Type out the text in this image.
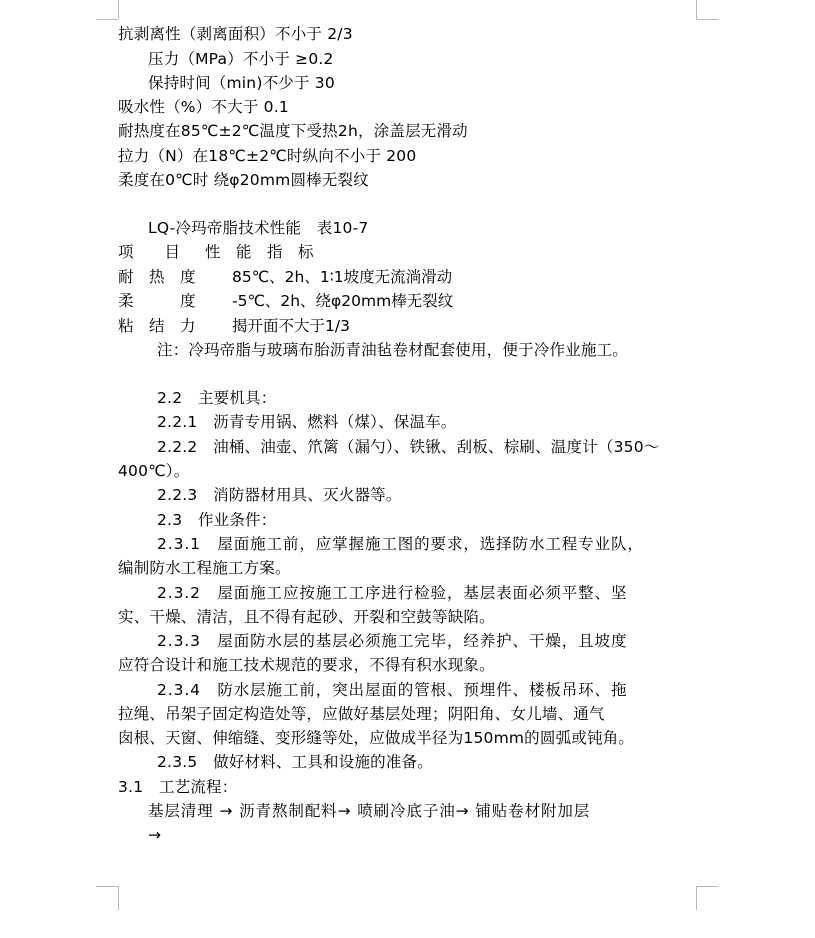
抗剥离性（剥离面积）不小于 2/3
压力（MPa）不小于 ≥0.2
保持时间（min)不少于 30
吸水性（%）不大于 0.1
耐热度在85℃±2℃温度下受热2h，涂盖层无滑动
拉力（N）在18℃±2℃时纵向不小于 200
柔度在0℃时 绕φ20mm圆棒无裂纹
LQ-冷玛帝脂技术性能　表10-7
项　　目 性　能　指　标
耐　热　度 85℃、2h、1∶1坡度无流淌滑动
柔　　　度 -5℃、2h、绕φ20mm棒无裂纹
粘　结　力 揭开面不大于1/3
注：冷玛帝脂与玻璃布胎沥青油毡卷材配套使用，便于冷作业施工。
2.2　主要机具：
2.2.1　沥青专用锅、燃料（煤）、保温车。
2.2.2　油桶、油壶、笊篱（漏勺）、铁锹、刮板、棕刷、温度计（350～
400℃）。
2.2.3　消防器材用具、灭火器等。
2.3　作业条件：
2.3.1　屋面施工前，应掌握施工图的要求，选择防水工程专业队，
编制防水工程施工方案。
2.3.2　屋面施工应按施工工序进行检验，基层表面必须平整、坚
实、干燥、清洁，且不得有起砂、开裂和空鼓等缺陷。
2.3.3　屋面防水层的基层必须施工完毕，经养护、干燥，且坡度
应符合设计和施工技术规范的要求，不得有积水现象。
2.3.4　防水层施工前，突出屋面的管根、预埋件、楼板吊环、拖
拉绳、吊架子固定构造处等，应做好基层处理；阴阳角、女儿墙、通气
囱根、天窗、伸缩缝、变形缝等处，应做成半径为150mm的圆弧或钝角。
2.3.5　做好材料、工具和设施的准备。
3.1　工艺流程：
基层清理 → 沥青熬制配料→ 喷刷冷底子油→ 铺贴卷材附加层
→
